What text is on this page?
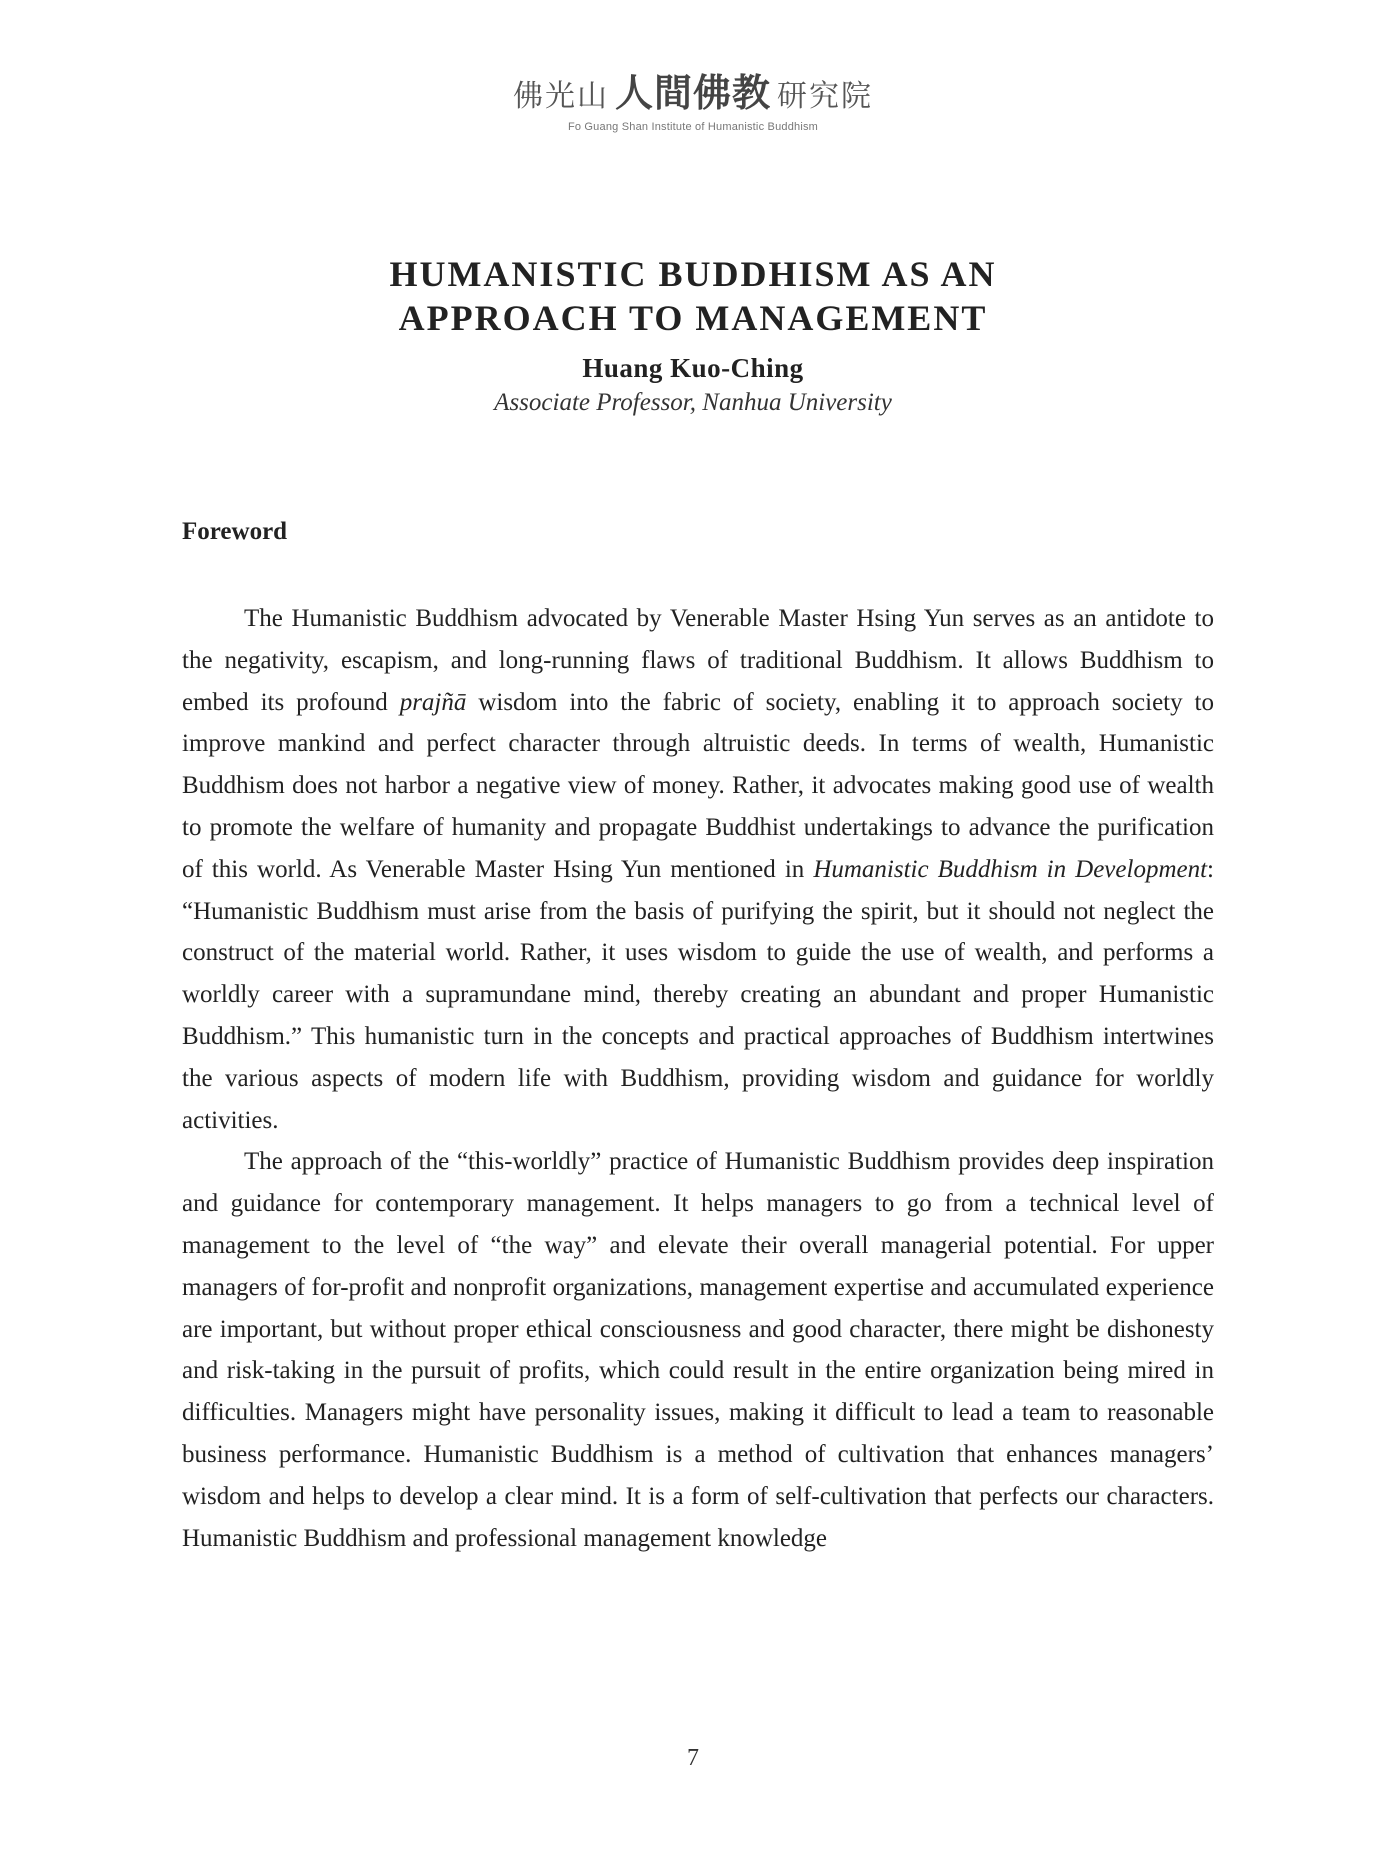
佛光山 人間佛教 研究院
Fo Guang Shan Institute of Humanistic Buddhism
HUMANISTIC BUDDHISM AS AN
APPROACH TO MANAGEMENT
Huang Kuo-Ching
Associate Professor, Nanhua University
Foreword

The Humanistic Buddhism advocated by Venerable Master Hsing Yun serves as an antidote to the negativity, escapism, and long-running flaws of traditional Buddhism. It allows Buddhism to embed its profound prajñā wisdom into the fabric of society, enabling it to approach society to improve mankind and perfect character through altruistic deeds. In terms of wealth, Humanistic Buddhism does not harbor a negative view of money. Rather, it advocates making good use of wealth to promote the welfare of humanity and propagate Buddhist undertakings to advance the purification of this world. As Venerable Master Hsing Yun mentioned in Humanistic Buddhism in Development: “Humanistic Buddhism must arise from the basis of purifying the spirit, but it should not neglect the construct of the material world. Rather, it uses wisdom to guide the use of wealth, and performs a worldly career with a supramundane mind, thereby creating an abundant and proper Humanistic Buddhism.” This humanistic turn in the concepts and practical approaches of Buddhism intertwines the various aspects of modern life with Buddhism, providing wisdom and guidance for worldly activities.

The approach of the “this-worldly” practice of Humanistic Buddhism provides deep inspiration and guidance for contemporary management. It helps managers to go from a technical level of management to the level of “the way” and elevate their overall managerial potential. For upper managers of for-profit and nonprofit organizations, management expertise and accumulated experience are important, but without proper ethical consciousness and good character, there might be dishonesty and risk-taking in the pursuit of profits, which could result in the entire organization being mired in difficulties. Managers might have personality issues, making it difficult to lead a team to reasonable business performance. Humanistic Buddhism is a method of cultivation that enhances managers’ wisdom and helps to develop a clear mind. It is a form of self-cultivation that perfects our characters. Humanistic Buddhism and professional management knowledge

7
